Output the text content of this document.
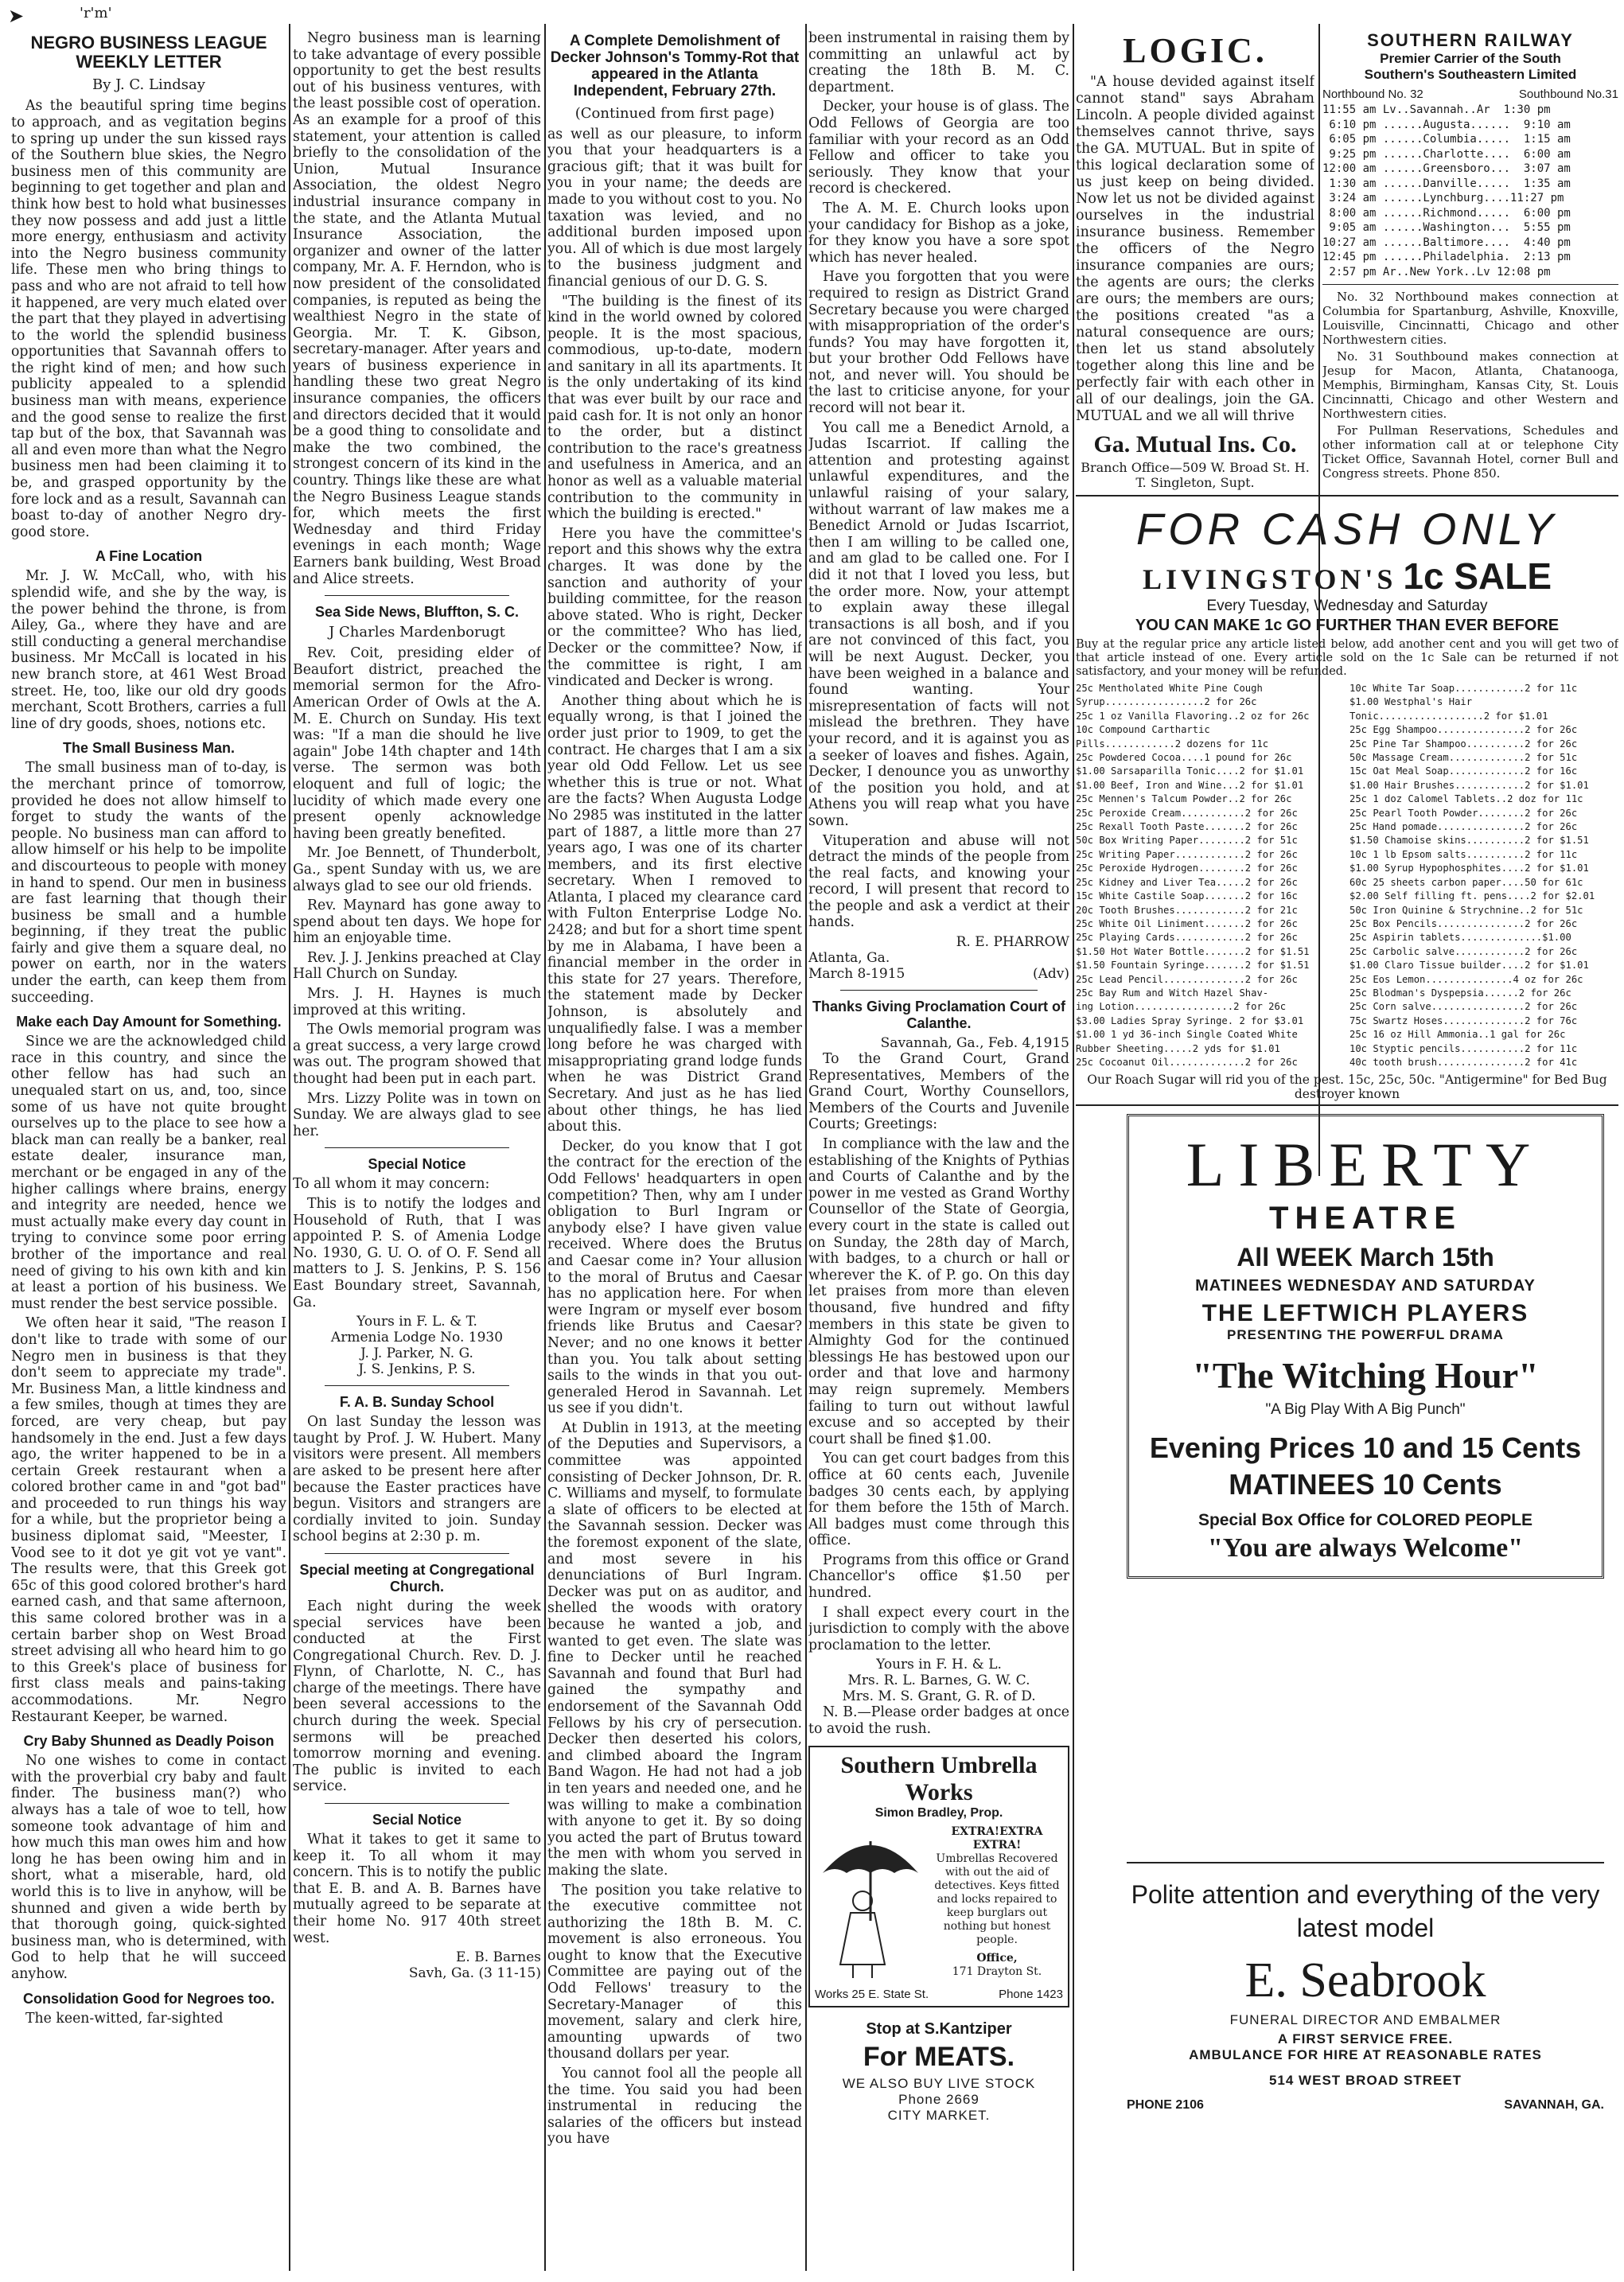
➤	'r'm'
NEGRO BUSINESS LEAGUE WEEKLY LETTER
By J. C. Lindsay

As the beautiful spring time begins to approach, and as vegitation begins to spring up under the sun kissed rays of the Southern blue skies, the Negro business men of this community are beginning to get together and plan and think how best to hold what businesses they now possess and add just a little more energy, enthusiasm and activity into the Negro business community life. These men who bring things to pass and who are not afraid to tell how it happened, are very much elated over the part that they played in advertising to the world the splendid business opportunities that Savannah offers to the right kind of men; and how such publicity appealed to a splendid business man with means, experience and the good sense to realize the first tap but of the box, that Savannah was all and even more than what the Negro business men had been claiming it to be, and grasped opportunity by the fore lock and as a result, Savannah can boast to-day of another Negro dry-good store.

A Fine Location

Mr. J. W. McCall, who, with his splendid wife, and she by the way, is the power behind the throne, is from Ailey, Ga., where they have and are still conducting a general merchandise business. Mr McCall is located in his new branch store, at 461 West Broad street. He, too, like our old dry goods merchant, Scott Brothers, carries a full line of dry goods, shoes, notions etc.

The Small Business Man.

The small business man of to-day, is the merchant prince of tomorrow, provided he does not allow himself to forget to study the wants of the people. No business man can afford to allow himself or his help to be impolite and discourteous to people with money in hand to spend. Our men in business are fast learning that though their business be small and a humble beginning, if they treat the public fairly and give them a square deal, no power on earth, nor in the waters under the earth, can keep them from succeeding.

Make each Day Amount for Something.

Since we are the acknowledged child race in this country, and since the other fellow has had such an unequaled start on us, and, too, since some of us have not quite brought ourselves up to the place to see how a black man can really be a banker, real estate dealer, insurance man, merchant or be engaged in any of the higher callings where brains, energy and integrity are needed, hence we must actually make every day count in trying to convince some poor erring brother of the importance and real need of giving to his own kith and kin at least a portion of his business. We must render the best service possible.

We often hear it said, "The reason I don't like to trade with some of our Negro men in business is that they don't seem to appreciate my trade". Mr. Business Man, a little kindness and a few smiles, though at times they are forced, are very cheap, but pay handsomely in the end. Just a few days ago, the writer happened to be in a certain Greek restaurant when a colored brother came in and "got bad" and proceeded to run things his way for a while, but the proprietor being a business diplomat said, "Meester, I Vood see to it dot ye git vot ye vant". The results were, that this Greek got 65c of this good colored brother's hard earned cash, and that same afternoon, this same colored brother was in a certain barber shop on West Broad street advising all who heard him to go to this Greek's place of business for first class meals and pains-taking accommodations. Mr. Negro Restaurant Keeper, be warned.

Cry Baby Shunned as Deadly Poison

No one wishes to come in contact with the proverbial cry baby and fault finder. The business man(?) who always has a tale of woe to tell, how someone took advantage of him and how much this man owes him and how long he has been owing him and in short, what a miserable, hard, old world this is to live in anyhow, will be shunned and given a wide berth by that thorough going, quick-sighted business man, who is determined, with God to help that he will succeed anyhow.

Consolidation Good for Negroes too.

The keen-witted, far-sighted

Negro business man is learning to take advantage of every possible opportunity to get the best results out of his business ventures, with the least possible cost of operation. As an example for a proof of this statement, your attention is called briefly to the consolidation of the Union, Mutual Insurance Association, the oldest Negro industrial insurance company in the state, and the Atlanta Mutual Insurance Association, the organizer and owner of the latter company, Mr. A. F. Herndon, who is now president of the consolidated companies, is reputed as being the wealthiest Negro in the state of Georgia. Mr. T. K. Gibson, secretary-manager. After years and years of business experience in handling these two great Negro insurance companies, the officers and directors decided that it would be a good thing to consolidate and make the two combined, the strongest concern of its kind in the country. Things like these are what the Negro Business League stands for, which meets the first Wednesday and third Friday evenings in each month; Wage Earners bank building, West Broad and Alice streets.

Sea Side News, Bluffton, S. C.
J Charles Mardenborugt

Rev. Coit, presiding elder of Beaufort district, preached the memorial sermon for the Afro-American Order of Owls at the A. M. E. Church on Sunday. His text was: "If a man die should he live again" Jobe 14th chapter and 14th verse. The sermon was both eloquent and full of logic; the lucidity of which made every one present openly acknowledge having been greatly benefited.

Mr. Joe Bennett, of Thunderbolt, Ga., spent Sunday with us, we are always glad to see our old friends.

Rev. Maynard has gone away to spend about ten days. We hope for him an enjoyable time.

Rev. J. J. Jenkins preached at Clay Hall Church on Sunday.

Mrs. J. H. Haynes is much improved at this writing.

The Owls memorial program was a great success, a very large crowd was out. The program showed that thought had been put in each part.

Mrs. Lizzy Polite was in town on Sunday. We are always glad to see her.

Special Notice

To all whom it may concern:

This is to notify the lodges and Household of Ruth, that I was appointed P. S. of Amenia Lodge No. 1930, G. U. O. of O. F. Send all matters to J. S. Jenkins, P. S. 156 East Boundary street, Savannah, Ga.

Yours in F. L. & T.

Armenia Lodge No. 1930

J. J. Parker, N. G.

J. S. Jenkins, P. S.

F. A. B. Sunday School

On last Sunday the lesson was taught by Prof. J. W. Hubert. Many visitors were present. All members are asked to be present here after because the Easter practices have begun. Visitors and strangers are cordially invited to join. Sunday school begins at 2:30 p. m.

Special meeting at Congregational Church.

Each night during the week special services have been conducted at the First Congregational Church. Rev. D. J. Flynn, of Charlotte, N. C., has charge of the meetings. There have been several accessions to the church during the week. Special sermons will be preached tomorrow morning and evening. The public is invited to each service.

Secial Notice

What it takes to get it same to keep it. To all whom it may concern. This is to notify the public that E. B. and A. B. Barnes have mutually agreed to be separate at their home No. 917 40th street west.

E. B. Barnes

Savh, Ga. (3 11-15)

A Complete Demolishment of Decker Johnson's Tommy-Rot that appeared in the Atlanta Independent, February 27th.
(Continued from first page)

as well as our pleasure, to inform you that your headquarters is a gracious gift; that it was built for you in your name; the deeds are made to you without cost to you. No taxation was levied, and no additional burden imposed upon you. All of which is due most largely to the business judgment and financial genious of our D. G. S.

"The building is the finest of its kind in the world owned by colored people. It is the most spacious, commodious, up-to-date, modern and sanitary in all its apartments. It is the only undertaking of its kind that was ever built by our race and paid cash for. It is not only an honor to the order, but a distinct contribution to the race's greatness and usefulness in America, and an honor as well as a valuable material contribution to the community in which the building is erected."

Here you have the committee's report and this shows why the extra charges. It was done by the sanction and authority of your building committee, for the reason above stated. Who is right, Decker or the committee? Who has lied, Decker or the committee? Now, if the committee is right, I am vindicated and Decker is wrong.

Another thing about which he is equally wrong, is that I joined the order just prior to 1909, to get the contract. He charges that I am a six year old Odd Fellow. Let us see whether this is true or not. What are the facts? When Augusta Lodge No 2985 was instituted in the latter part of 1887, a little more than 27 years ago, I was one of its charter members, and its first elective secretary. When I removed to Atlanta, I placed my clearance card with Fulton Enterprise Lodge No. 2428; and but for a short time spent by me in Alabama, I have been a financial member in the order in this state for 27 years. Therefore, the statement made by Decker Johnson, is absolutely and unqualifiedly false. I was a member long before he was charged with misappropriating grand lodge funds when he was District Grand Secretary. And just as he has lied about other things, he has lied about this.

Decker, do you know that I got the contract for the erection of the Odd Fellows' headquarters in open competition? Then, why am I under obligation to Burl Ingram or anybody else? I have given value received. Where does the Brutus and Caesar come in? Your allusion to the moral of Brutus and Caesar has no application here. For when were Ingram or myself ever bosom friends like Brutus and Caesar? Never; and no one knows it better than you. You talk about setting sails to the winds in that you out-generaled Herod in Savannah. Let us see if you didn't.

At Dublin in 1913, at the meeting of the Deputies and Supervisors, a committee was appointed consisting of Decker Johnson, Dr. R. C. Williams and myself, to formulate a slate of officers to be elected at the Savannah session. Decker was the foremost exponent of the slate, and most severe in his denunciations of Burl Ingram. Decker was put on as auditor, and shelled the woods with oratory because he wanted a job, and wanted to get even. The slate was fine to Decker until he reached Savannah and found that Burl had gained the sympathy and endorsement of the Savannah Odd Fellows by his cry of persecution. Decker then deserted his colors, and climbed aboard the Ingram Band Wagon. He had not had a job in ten years and needed one, and he was willing to make a combination with anyone to get it. By so doing you acted the part of Brutus toward the men with whom you served in making the slate.

The position you take relative to the executive committee not authorizing the 18th B. M. C. movement is also erroneous. You ought to know that the Executive Committee are paying out of the Odd Fellows' treasury to the Secretary-Manager of this movement, salary and clerk hire, amounting upwards of two thousand dollars per year.

You cannot fool all the people all the time. You said you had been instrumental in reducing the salaries of the officers but instead you have

been instrumental in raising them by committing an unlawful act by creating the 18th B. M. C. department.

Decker, your house is of glass. The Odd Fellows of Georgia are too familiar with your record as an Odd Fellow and officer to take you seriously. They know that your record is checkered.

The A. M. E. Church looks upon your candidacy for Bishop as a joke, for they know you have a sore spot which has never healed.

Have you forgotten that you were required to resign as District Grand Secretary because you were charged with misappropriation of the order's funds? You may have forgotten it, but your brother Odd Fellows have not, and never will. You should be the last to criticise anyone, for your record will not bear it.

You call me a Benedict Arnold, a Judas Iscarriot. If calling the attention and protesting against unlawful expenditures, and the unlawful raising of your salary, without warrant of law makes me a Benedict Arnold or Judas Iscarriot, then I am willing to be called one, and am glad to be called one. For I did it not that I loved you less, but the order more. Now, your attempt to explain away these illegal transactions is all bosh, and if you are not convinced of this fact, you will be next August. Decker, you have been weighed in a balance and found wanting. Your misrepresentation of facts will not mislead the brethren. They have your record, and it is against you as a seeker of loaves and fishes. Again, Decker, I denounce you as unworthy of the position you hold, and at Athens you will reap what you have sown.

Vituperation and abuse will not detract the minds of the people from the real facts, and knowing your record, I will present that record to the people and ask a verdict at their hands.

R. E. PHARROW

Atlanta, Ga.

March 8-1915	(Adv)

Thanks Giving Proclamation Court of Calanthe.

Savannah, Ga., Feb. 4,1915

To the Grand Court, Grand Representatives, Members of the Grand Court, Worthy Counsellors, Members of the Courts and Juvenile Courts; Greetings:

In compliance with the law and the establishing of the Knights of Pythias and Courts of Calanthe and by the power in me vested as Grand Worthy Counsellor of the State of Georgia, every court in the state is called out on Sunday, the 28th day of March, with badges, to a church or hall or wherever the K. of P. go. On this day let praises from more than eleven thousand, five hundred and fifty members in this state be given to Almighty God for the continued blessings He has bestowed upon our order and that love and harmony may reign supremely. Members failing to turn out without lawful excuse and so accepted by their court shall be fined $1.00.

You can get court badges from this office at 60 cents each, Juvenile badges 30 cents each, by applying for them before the 15th of March. All badges must come through this office.

Programs from this office or Grand Chancellor's office $1.50 per hundred.

I shall expect every court in the jurisdiction to comply with the above proclamation to the letter.

Yours in F. H. & L.

Mrs. R. L. Barnes, G. W. C.

Mrs. M. S. Grant, G. R. of D.

N. B.—Please order badges at once to avoid the rush.

Southern Umbrella Works
Simon Bradley, Prop.
EXTRA!EXTRA EXTRA!
Umbrellas Recovered with out the aid of detectives. Keys fitted and locks repaired to keep burglars out nothing but honest people.
Office,
171 Drayton St.
Works 25 E. State St.	Phone 1423
Stop at S.Kantziper
For MEATS.
WE ALSO BUY LIVE STOCK
Phone 2669
CITY MARKET.
LOGIC.

"A house devided against itself cannot stand" says Abraham Lincoln. A people divided against themselves cannot thrive, says the GA. MUTUAL. But in spite of this logical declaration some of us just keep on being divided. Now let us not be divided against ourselves in the industrial insurance business. Remember the officers of the Negro insurance companies are ours; the agents are ours; the clerks are ours; the members are ours; the positions created "as a natural consequence are ours; then let us stand absolutely together along this line and be perfectly fair with each other in all of our dealings, join the GA. MUTUAL and we all will thrive

Ga. Mutual Ins. Co.
Branch Office—509 W. Broad St. H. T. Singleton, Supt.
SOUTHERN RAILWAY
Premier Carrier of the South
Southern's Southeastern Limited
Northbound No. 32	Southbound No.31
11:55 am Lv..Savannah..Ar  1:30 pm
6:10 pm ......Augusta......  9:10 am
6:05 pm ......Columbia.....  1:15 am
9:25 pm ......Charlotte....  6:00 am
12:00 am ......Greensboro...  3:07 am
1:30 am ......Danville.....  1:35 am
3:24 am ......Lynchburg....11:27 pm
8:00 am ......Richmond.....  6:00 pm
9:05 am ......Washington...  5:55 pm
10:27 am ......Baltimore....  4:40 pm
12:45 pm ......Philadelphia.  2:13 pm
2:57 pm Ar..New York..Lv 12:08 pm

No. 32 Northbound makes connection at Columbia for Spartanburg, Ashville, Knoxville, Louisville, Cincinnatti, Chicago and other Northwestern cities.

No. 31 Southbound makes connection at Jesup for Macon, Atlanta, Chatanooga, Memphis, Birmingham, Kansas City, St. Louis Cincinnatti, Chicago and other Western and Northwestern cities.

For Pullman Reservations, Schedules and other information call at or telephone City Ticket Office, Savannah Hotel, corner Bull and Congress streets. Phone 850.

FOR CASH ONLY
LIVINGSTON'S 1c SALE
Every Tuesday, Wednesday and Saturday
YOU CAN MAKE 1c GO FURTHER THAN EVER BEFORE

Buy at the regular price any article listed below, add another cent and you will get two of that article instead of one. Every article sold on the 1c Sale can be returned if not satisfactory, and your money will be refunded.

25c Mentholated White Pine Cough
Syrup.................2 for 26c
25c 1 oz Vanilla Flavoring..2 oz for 26c
10c Compound Carthartic
Pills............2 dozens for 11c
25c Powdered Cocoa....1 pound for 26c
$1.00 Sarsaparilla Tonic....2 for $1.01
$1.00 Beef, Iron and Wine...2 for $1.01
25c Mennen's Talcum Powder..2 for 26c
25c Peroxide Cream...........2 for 26c
25c Rexall Tooth Paste.......2 for 26c
50c Box Writing Paper........2 for 51c
25c Writing Paper............2 for 26c
25c Peroxide Hydrogen........2 for 26c
25c Kidney and Liver Tea.....2 for 26c
15c White Castile Soap.......2 for 16c
20c Tooth Brushes............2 for 21c
25c White Oil Liniment.......2 for 26c
25c Playing Cards............2 for 26c
$1.50 Hot Water Bottle.......2 for $1.51
$1.50 Fountain Syringe.......2 for $1.51
25c Lead Pencil..............2 for 26c
25c Bay Rum and Witch Hazel Shav-
ing Lotion.................2 for 26c
$3.00 Ladies Spray Syringe. 2 for $3.01
$1.00 1 yd 36-inch Single Coated White
Rubber Sheeting.....2 yds for $1.01
25c Cocoanut Oil.............2 for 26c
10c White Tar Soap............2 for 11c
$1.00 Westphal's Hair
Tonic..................2 for $1.01
25c Egg Shampoo...............2 for 26c
25c Pine Tar Shampoo..........2 for 26c
50c Massage Cream.............2 for 51c
15c Oat Meal Soap.............2 for 16c
$1.00 Hair Brushes............2 for $1.01
25c 1 doz Calomel Tablets..2 doz for 11c
25c Pearl Tooth Powder........2 for 26c
25c Hand pomade...............2 for 26c
$1.50 Chamoise skins..........2 for $1.51
10c 1 lb Epsom salts..........2 for 11c
$1.00 Syrup Hypophosphites....2 for $1.01
60c 25 sheets carbon paper....50 for 61c
$2.00 Self filling ft. pens....2 for $2.01
50c Iron Quinine & Strychnine..2 for 51c
25c Box Pencils...............2 for 26c
25c Aspirin tablets..............$1.00
25c Carbolic salve............2 for 26c
$1.00 Claro Tissue builder....2 for $1.01
25c Eos Lemon...............4 oz for 26c
25c Blodman's Dyspepsia......2 for 26c
25c Corn salve................2 for 26c
75c Swartz Hoses..............2 for 76c
25c 16 oz Hill Ammonia..1 gal for 26c
10c Styptic pencils...........2 for 11c
40c tooth brush...............2 for 41c
Our Roach Sugar will rid you of the pest. 15c, 25c, 50c. "Antigermine" for Bed Bug destroyer known
LIBERTY
THEATRE
All WEEK March 15th
MATINEES WEDNESDAY AND SATURDAY
THE LEFTWICH PLAYERS
PRESENTING THE POWERFUL DRAMA
"The Witching Hour"
"A Big Play With A Big Punch"
Evening Prices 10 and 15 Cents
MATINEES 10 Cents
Special Box Office for COLORED PEOPLE
"You are always Welcome"
Polite attention and everything of the very latest model
E. Seabrook
FUNERAL DIRECTOR AND EMBALMER
A FIRST SERVICE FREE.
AMBULANCE FOR HIRE AT REASONABLE RATES
514 WEST BROAD STREET
PHONE 2106	SAVANNAH, GA.
